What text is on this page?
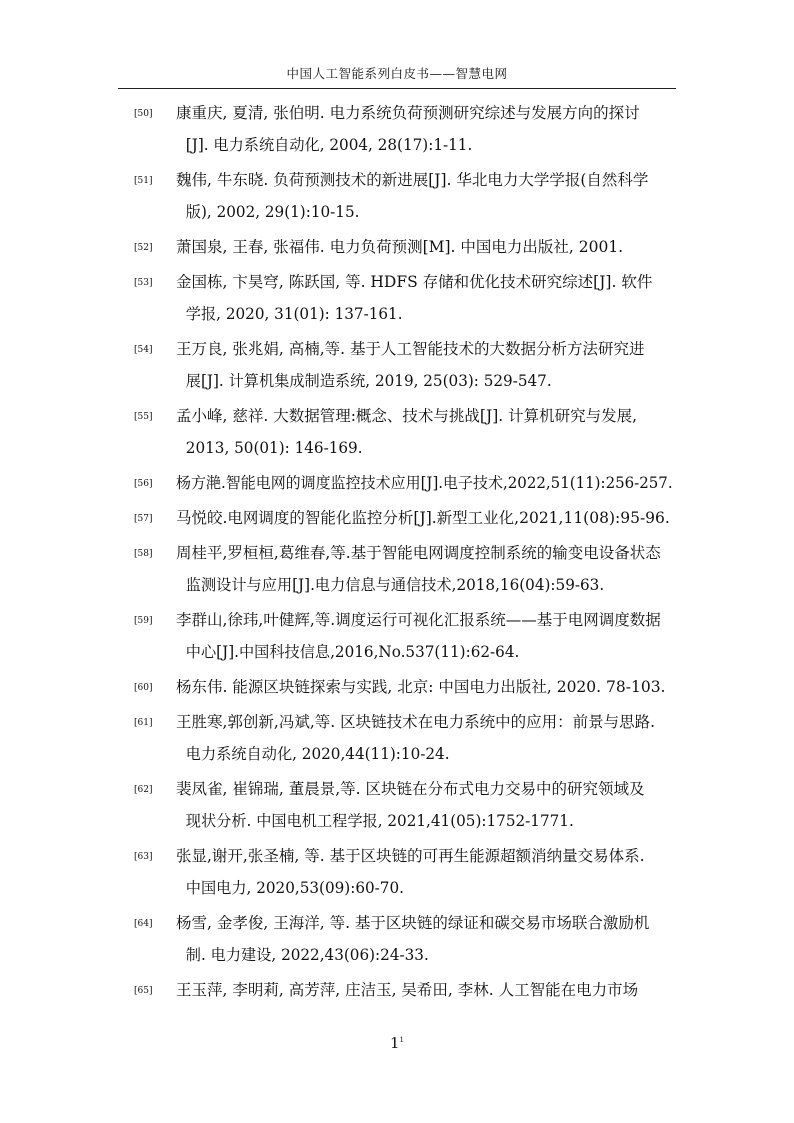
中国人工智能系列白皮书——智慧电网
[50] 康重庆, 夏清, 张伯明. 电力系统负荷预测研究综述与发展方向的探讨
[J]. 电力系统自动化, 2004, 28(17):1-11.
[51] 魏伟, 牛东晓. 负荷预测技术的新进展[J]. 华北电力大学学报(自然科学
版), 2002, 29(1):10-15.
[52] 萧国泉, 王春, 张福伟. 电力负荷预测[M]. 中国电力出版社, 2001.
[53] 金国栋, 卞昊穹, 陈跃国, 等. HDFS 存储和优化技术研究综述[J]. 软件
学报, 2020, 31(01): 137-161.
[54] 王万良, 张兆娟, 高楠,等. 基于人工智能技术的大数据分析方法研究进
展[J]. 计算机集成制造系统, 2019, 25(03): 529-547.
[55] 孟小峰, 慈祥. 大数据管理:概念、技术与挑战[J]. 计算机研究与发展,
2013, 50(01): 146-169.
[56] 杨方滟.智能电网的调度监控技术应用[J].电子技术,2022,51(11):256-257.
[57] 马悦皎.电网调度的智能化监控分析[J].新型工业化,2021,11(08):95-96.
[58] 周桂平,罗桓桓,葛维春,等.基于智能电网调度控制系统的输变电设备状态
监测设计与应用[J].电力信息与通信技术,2018,16(04):59-63.
[59] 李群山,徐玮,叶健辉,等.调度运行可视化汇报系统——基于电网调度数据
中心[J].中国科技信息,2016,No.537(11):62-64.
[60] 杨东伟. 能源区块链探索与实践, 北京: 中国电力出版社, 2020. 78-103.
[61] 王胜寒,郭创新,冯斌,等. 区块链技术在电力系统中的应用：前景与思路.
电力系统自动化, 2020,44(11):10-24.
[62] 裴凤雀, 崔锦瑞, 董晨景,等. 区块链在分布式电力交易中的研究领域及
现状分析. 中国电机工程学报, 2021,41(05):1752-1771.
[63] 张显,谢开,张圣楠, 等. 基于区块链的可再生能源超额消纳量交易体系.
中国电力, 2020,53(09):60-70.
[64] 杨雪, 金孝俊, 王海洋, 等. 基于区块链的绿证和碳交易市场联合激励机
制. 电力建设, 2022,43(06):24-33.
[65] 王玉萍, 李明莉, 高芳萍, 庄洁玉, 吴希田, 李林. 人工智能在电力市场
$1^1$
